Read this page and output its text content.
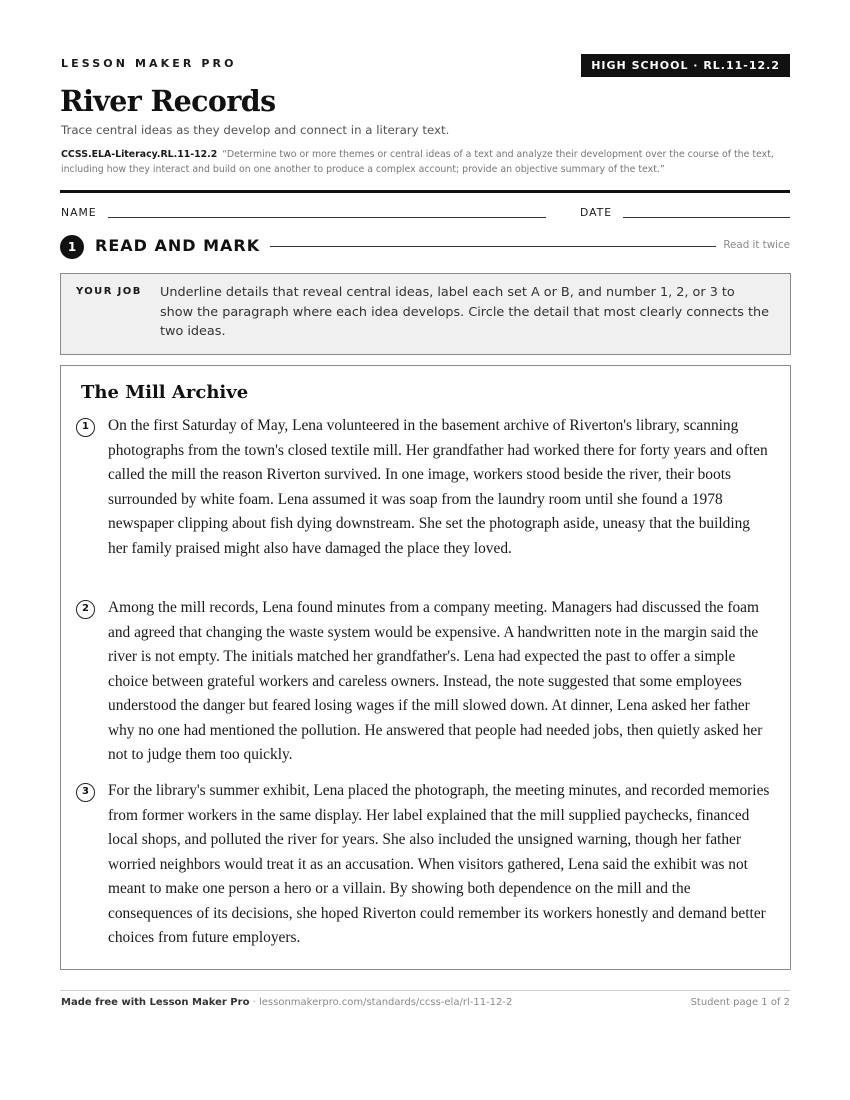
LESSON MAKER PRO	HIGH SCHOOL · RL.11-12.2
River Records
Trace central ideas as they develop and connect in a literary text.
CCSS.ELA-Literacy.RL.11-12.2 “Determine two or more themes or central ideas of a text and analyze their development over the course of the text, including how they interact and build on one another to produce a complex account; provide an objective summary of the text.”
NAME	DATE
1	READ AND MARK	Read it twice
YOUR JOB Underline details that reveal central ideas, label each set A or B, and number 1, 2, or 3 to show the paragraph where each idea develops. Circle the detail that most clearly connects the two ideas.
The Mill Archive
1	On the first Saturday of May, Lena volunteered in the basement archive of Riverton's library, scanning photographs from the town's closed textile mill. Her grandfather had worked there for forty years and often called the mill the reason Riverton survived. In one image, workers stood beside the river, their boots surrounded by white foam. Lena assumed it was soap from the laundry room until she found a 1978 newspaper clipping about fish dying downstream. She set the photograph aside, uneasy that the building her family praised might also have damaged the place they loved.

2	Among the mill records, Lena found minutes from a company meeting. Managers had discussed the foam and agreed that changing the waste system would be expensive. A handwritten note in the margin said the river is not empty. The initials matched her grandfather's. Lena had expected the past to offer a simple choice between grateful workers and careless owners. Instead, the note suggested that some employees understood the danger but feared losing wages if the mill slowed down. At dinner, Lena asked her father why no one had mentioned the pollution. He answered that people had needed jobs, then quietly asked her not to judge them too quickly.

3	For the library's summer exhibit, Lena placed the photograph, the meeting minutes, and recorded memories from former workers in the same display. Her label explained that the mill supplied paychecks, financed local shops, and polluted the river for years. She also included the unsigned warning, though her father worried neighbors would treat it as an accusation. When visitors gathered, Lena said the exhibit was not meant to make one person a hero or a villain. By showing both dependence on the mill and the consequences of its decisions, she hoped Riverton could remember its workers honestly and demand better choices from future employers.

Made free with Lesson Maker Pro · lessonmakerpro.com/standards/ccss-ela/rl-11-12-2	Student page 1 of 2
